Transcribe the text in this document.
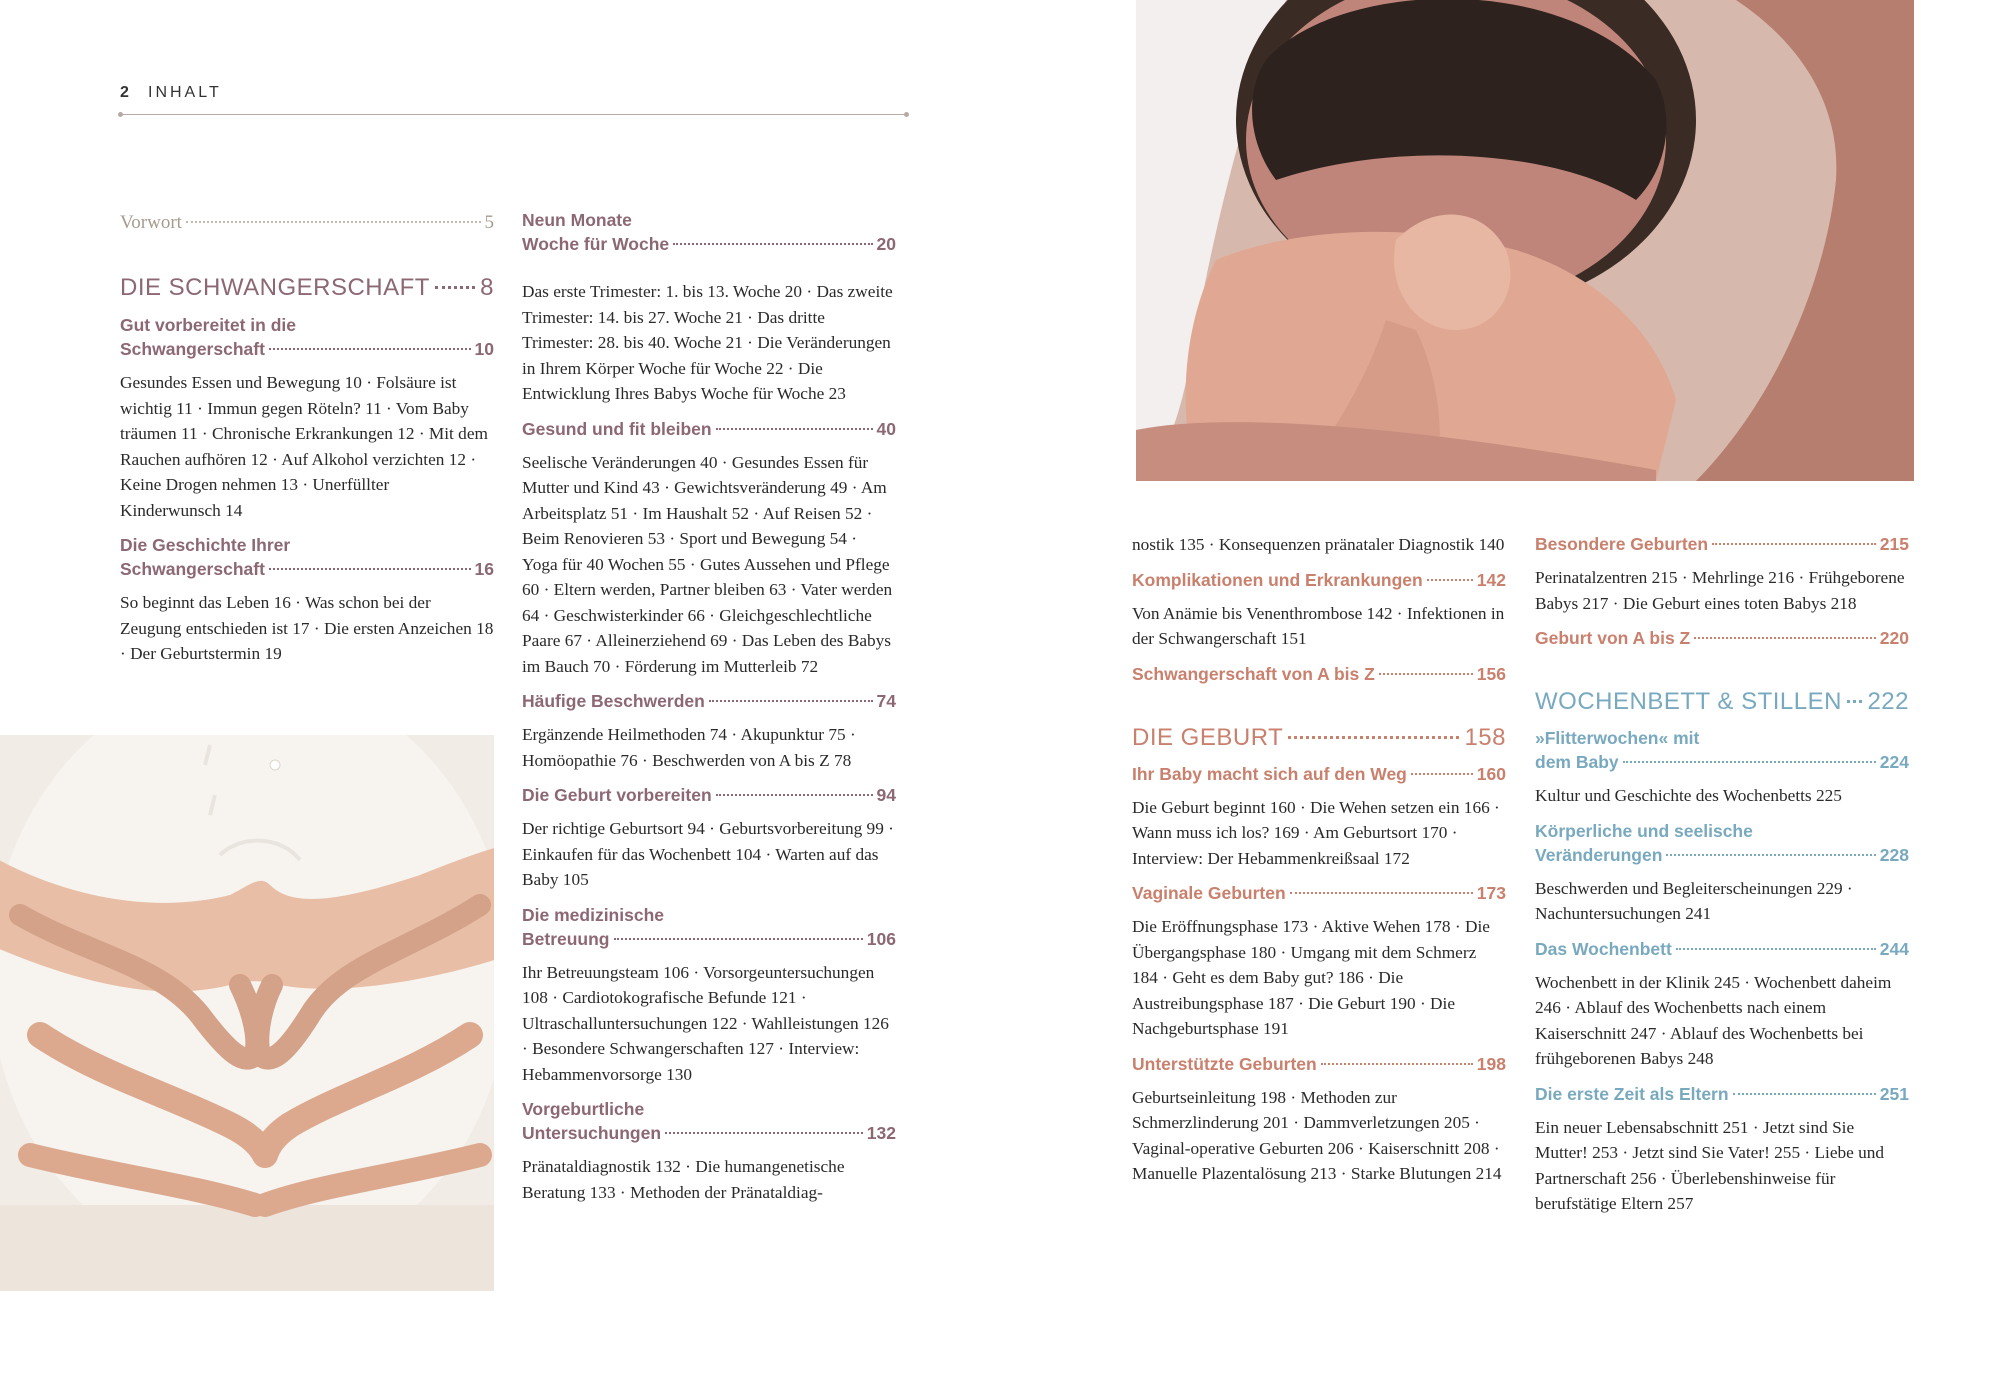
2 INHALT
Vorwort	5
DIE SCHWANGERSCHAFT 8
Gut vorbereitet in die
Schwangerschaft	10

Gesundes Essen und Bewegung 10 · Folsäure ist wichtig 11 · Immun gegen Röteln? 11 · Vom Baby träumen 11 · Chronische Erkrankungen 12 · Mit dem Rauchen aufhören 12 · Auf Alkohol verzichten 12 · Keine Drogen nehmen 13 · Unerfüllter Kinderwunsch 14

Die Geschichte Ihrer
Schwangerschaft	16

So beginnt das Leben 16 · Was schon bei der Zeugung entschieden ist 17 · Die ersten Anzeichen 18 · Der Geburtstermin 19

Neun Monate
Woche für Woche	20

Das erste Trimester: 1. bis 13. Woche 20 · Das zweite Trimester: 14. bis 27. Woche 21 · Das dritte Trimester: 28. bis 40. Woche 21 · Die Veränderungen in Ihrem Körper Woche für Woche 22 · Die Entwicklung Ihres Babys Woche für Woche 23

Gesund und fit bleiben	40

Seelische Veränderungen 40 · Gesundes Essen für Mutter und Kind 43 · Gewichtsveränderung 49 · Am Arbeitsplatz 51 · Im Haushalt 52 · Auf Reisen 52 · Beim Renovieren 53 · Sport und Bewegung 54 · Yoga für 40 Wochen 55 · Gutes Aussehen und Pflege 60 · Eltern werden, Partner bleiben 63 · Vater werden 64 · Geschwisterkinder 66 · Gleichgeschlechtliche Paare 67 · Alleinerziehend 69 · Das Leben des Babys im Bauch 70 · Förderung im Mutterleib 72

Häufige Beschwerden	74

Ergänzende Heilmethoden 74 · Akupunktur 75 · Homöopathie 76 · Beschwerden von A bis Z 78

Die Geburt vorbereiten	94

Der richtige Geburtsort 94 · Geburtsvorbereitung 99 · Einkaufen für das Wochenbett 104 · Warten auf das Baby 105

Die medizinische
Betreuung	106

Ihr Betreuungsteam 106 · Vorsorgeuntersuchungen 108 · Cardiotokografische Befunde 121 · Ultraschalluntersuchungen 122 · Wahlleistungen 126 · Besondere Schwangerschaften 127 · Interview: Hebammenvorsorge 130

Vorgeburtliche
Untersuchungen	132

Pränataldiagnostik 132 · Die humangenetische Beratung 133 · Methoden der Pränataldiag-

nostik 135 · Konsequenzen pränataler Diagnostik 140

Komplikationen und Erkrankungen	142

Von Anämie bis Venenthrombose 142 · Infektionen in der Schwangerschaft 151

Schwangerschaft von A bis Z	156
DIE GEBURT	158
Ihr Baby macht sich auf den Weg	160

Die Geburt beginnt 160 · Die Wehen setzen ein 166 · Wann muss ich los? 169 · Am Geburtsort 170 · Interview: Der Hebammenkreißsaal 172

Vaginale Geburten	173

Die Eröffnungsphase 173 · Aktive Wehen 178 · Die Übergangsphase 180 · Umgang mit dem Schmerz 184 · Geht es dem Baby gut? 186 · Die Austreibungsphase 187 · Die Geburt 190 · Die Nachgeburtsphase 191

Unterstützte Geburten	198

Geburtseinleitung 198 · Methoden zur Schmerzlinderung 201 · Dammverletzungen 205 · Vaginal-operative Geburten 206 · Kaiserschnitt 208 · Manuelle Plazentalösung 213 · Starke Blutungen 214

Besondere Geburten	215

Perinatalzentren 215 · Mehrlinge 216 · Frühgeborene Babys 217 · Die Geburt eines toten Babys 218

Geburt von A bis Z	220
WOCHENBETT & STILLEN 222
»Flitterwochen« mit
dem Baby	224

Kultur und Geschichte des Wochenbetts 225

Körperliche und seelische
Veränderungen	228

Beschwerden und Begleiterscheinungen 229 · Nachuntersuchungen 241

Das Wochenbett	244

Wochenbett in der Klinik 245 · Wochenbett daheim 246 · Ablauf des Wochenbetts nach einem Kaiserschnitt 247 · Ablauf des Wochenbetts bei frühgeborenen Babys 248

Die erste Zeit als Eltern	251

Ein neuer Lebensabschnitt 251 · Jetzt sind Sie Mutter! 253 · Jetzt sind Sie Vater! 255 · Liebe und Partnerschaft 256 · Überlebenshinweise für berufstätige Eltern 257
